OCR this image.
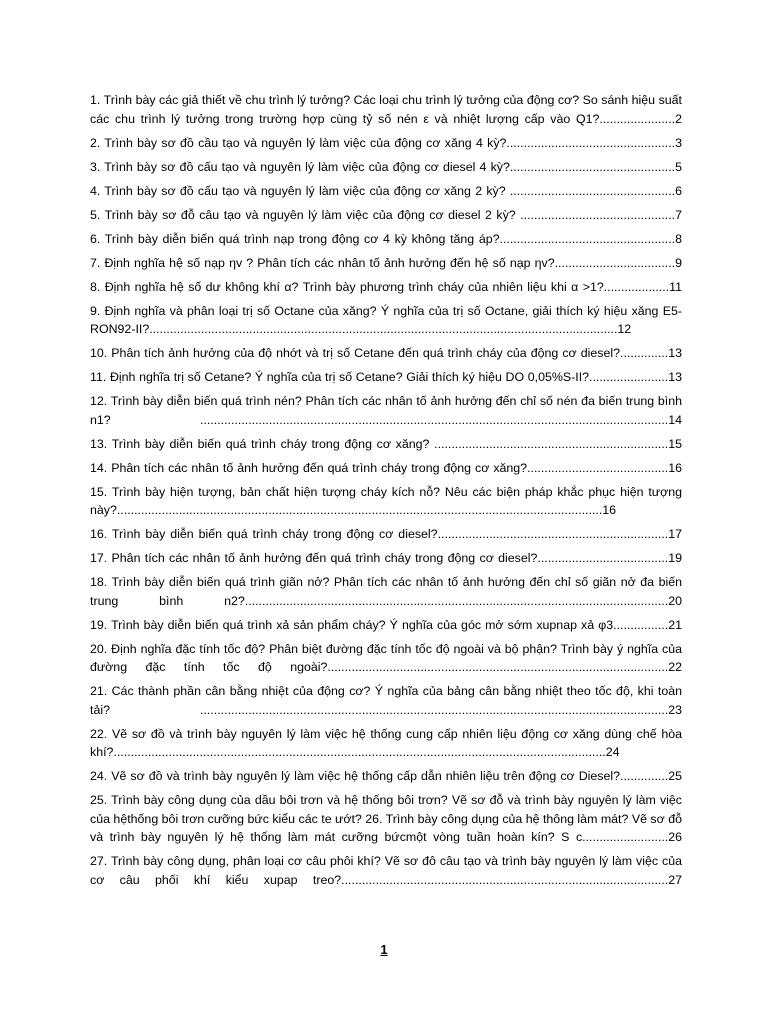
1. Trình bày các giả thiết về chu trình lý tưởng? Các loại chu trình lý tưởng của động cơ? So sánh hiệu suất các chu trình lý tưởng trong trường hợp cùng tỷ số nén ε và nhiệt lượng cấp vào Q1?......................2

2. Trình bày sơ đồ cầu tạo và nguyên lý làm việc của động cơ xăng 4 kỳ?.................................................3

3. Trình bày sơ đồ cấu tạo và nguyên lý làm việc của động cơ diesel 4 kỳ?................................................5

4. Trình bày sơ đồ cấu tạo và nguyên lý làm việc của động cơ xăng 2 kỳ? ................................................6

5. Trình bày sơ đỗ câu tạo và nguyên lý làm việc của động cơ diesel 2 kỳ? .............................................7

6. Trình bày diễn biến quá trình nạp trong động cơ 4 kỳ không tăng áp?...................................................8

7. Định nghĩa hệ số nạp ηv ? Phân tích các nhân tố ảnh hưởng đến hệ số nạp ηv?...................................9

8. Định nghĩa hệ số dư không khí α? Trình bày phương trình cháy của nhiên liệu khi α >1?...................11

9. Định nghĩa và phân loại trị số Octane của xăng? Ý nghĩa của trị số Octane, giải thích ký hiệu xăng E5-RON92-II?........................................................................................................................................12

10. Phân tích ảnh hưởng của độ nhớt và trị số Cetane đến quá trình cháy của động cơ diesel?..............13

11. Định nghĩa trị số Cetane? Ý nghĩa của trị số Cetane? Giải thích ký hiệu DO 0,05%S-II?.......................13

12. Trình bày diễn biến quá trình nén? Phân tích các nhân tố ảnh hưởng đến chỉ số nén đa biến trung bình n1? ........................................................................................................................................14

13. Trình bày diễn biến quá trình cháy trong động cơ xăng? ....................................................................15

14. Phân tích các nhân tố ảnh hưởng đến quá trình cháy trong động cơ xăng?.........................................16

15. Trình bày hiện tượng, bản chất hiện tượng cháy kích nỗ? Nêu các biện pháp khắc phục hiện tượng này?.............................................................................................................................................16

16. Trình bày diễn biến quá trình cháy trong động cơ diesel?...................................................................17

17. Phân tích các nhân tố ảnh hưởng đến quá trình cháy trong động cơ diesel?......................................19

18. Trình bày diễn biến quá trình giãn nở? Phân tích các nhân tố ảnh hưởng đến chỉ số giãn nở đa biến trung bình n2?...........................................................................................................................20

19. Trình bày diễn biến quá trình xả sản phẩm cháy? Ý nghĩa của góc mở sớm xupnap xả φ3................21

20. Định nghĩa đặc tính tốc độ? Phân biệt đường đặc tính tốc độ ngoài và bộ phận? Trình bày ý nghĩa của đường đặc tính tốc độ ngoài?...................................................................................................22

21. Các thành phần cân bằng nhiệt của động cơ? Ý nghĩa của bảng cân bằng nhiệt theo tốc độ, khi toàn tải? ........................................................................................................................................23

22. Vẽ sơ đồ và trình bày nguyên lý làm việc hệ thống cung cấp nhiên liệu động cơ xăng dùng chế hòa khí?...............................................................................................................................................24

24. Vẽ sơ đồ và trình bày nguyên lý làm việc hệ thống cấp dẫn nhiên liệu trên động cơ Diesel?..............25

25. Trình bày công dụng của dầu bôi trơn và hệ thống bôi trơn? Vẽ sơ đỗ và trình bày nguyên lý làm việc của hệthống bôi trơn cưỡng bức kiểu các te ướt? 26. Trình bày công dụng của hệ thông làm mát? Vẽ sơ đỗ và trình bày nguyên lý hệ thống làm mát cưỡng bứcmột vòng tuần hoàn kín? S c.........................26

27. Trình bày công dụng, phân loại cơ câu phôi khí? Vẽ sơ đô câu tạo và trình bày nguyên lý làm việc của cơ câu phối khí kiểu xupap treo?...............................................................................................27

1
